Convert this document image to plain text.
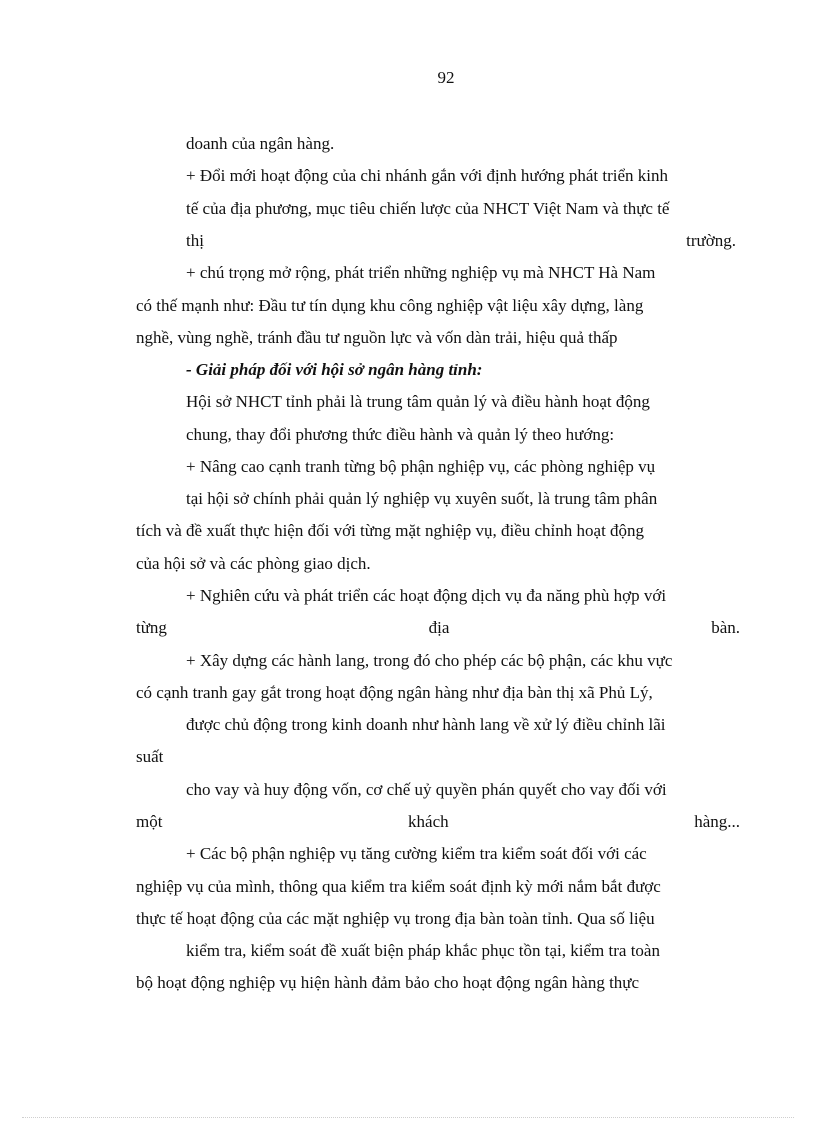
92
doanh của ngân hàng.
+ Đổi mới hoạt động của chi nhánh gắn với định hướng phát triển kinh
tế của địa phương, mục tiêu chiến lược của NHCT Việt Nam và thực tế
thị	trường.
+ chú trọng mở rộng, phát triển những nghiệp vụ mà NHCT Hà Nam
có thế mạnh như: Đầu tư tín dụng khu công nghiệp vật liệu xây dựng, làng
nghề, vùng nghề, tránh đầu tư nguồn lực và vốn dàn trải, hiệu quả thấp
- Giải pháp đối với hội sở ngân hàng tỉnh:
Hội sở NHCT tỉnh phải là trung tâm quản lý và điều hành hoạt động
chung, thay đổi phương thức điều hành và quản lý theo hướng:
+ Nâng cao cạnh tranh từng bộ phận nghiệp vụ, các phòng nghiệp vụ
tại hội sở chính phải quản lý nghiệp vụ xuyên suốt, là trung tâm phân
tích và đề xuất thực hiện đối với từng mặt nghiệp vụ, điều chỉnh hoạt động
của hội sở và các phòng giao dịch.
+ Nghiên cứu và phát triển các hoạt động dịch vụ đa năng phù hợp với
từng	địa	bàn.
+ Xây dựng các hành lang, trong đó cho phép các bộ phận, các khu vực
có cạnh tranh gay gắt trong hoạt động ngân hàng như địa bàn thị xã Phủ Lý,
được chủ động trong kinh doanh như hành lang về xử lý điều chỉnh lãi
suất
cho vay và huy động vốn, cơ chế uỷ quyền phán quyết cho vay đối với
một	khách	hàng...
+ Các bộ phận nghiệp vụ tăng cường kiểm tra kiểm soát đối với các
nghiệp vụ của mình, thông qua kiểm tra kiểm soát định kỳ mới nắm bắt được
thực tế hoạt động của các mặt nghiệp vụ trong địa bàn toàn tỉnh. Qua số liệu
kiểm tra, kiểm soát đề xuất biện pháp khắc phục tồn tại, kiểm tra toàn
bộ hoạt động nghiệp vụ hiện hành đảm bảo cho hoạt động ngân hàng thực
